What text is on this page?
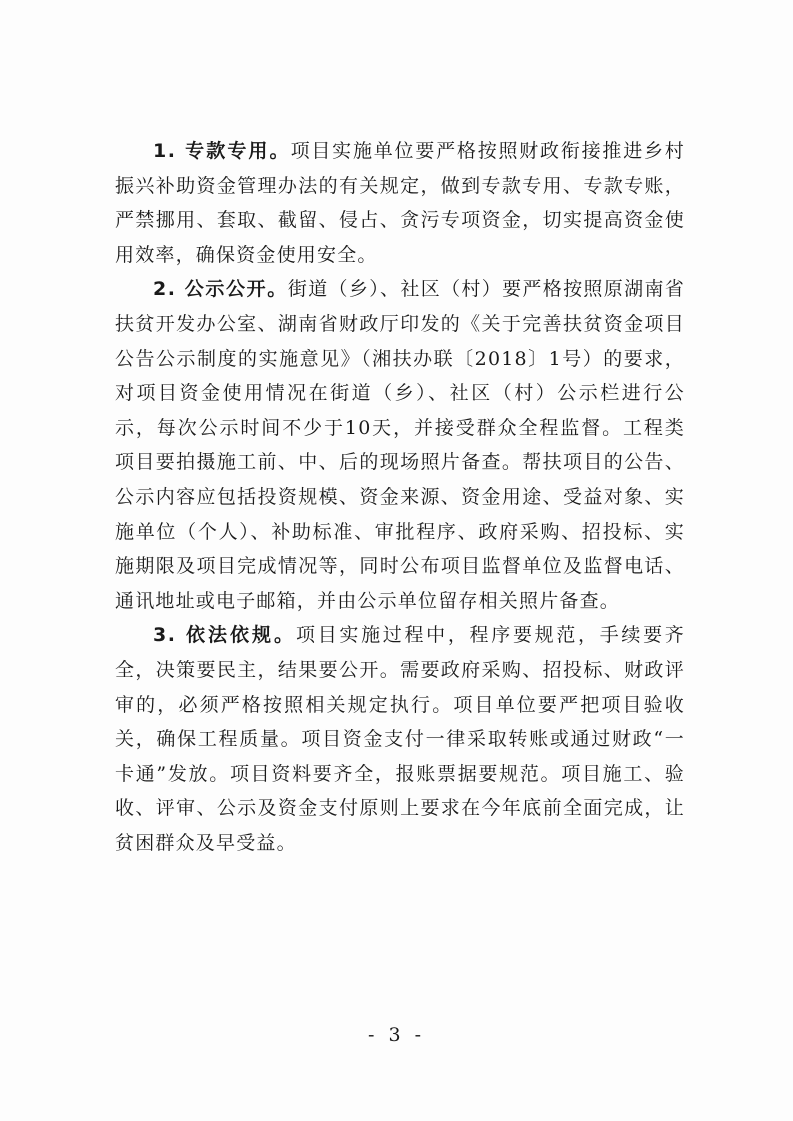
1. 专款专用。项目实施单位要严格按照财政衔接推进乡村振兴补助资金管理办法的有关规定，做到专款专用、专款专账，严禁挪用、套取、截留、侵占、贪污专项资金，切实提高资金使用效率，确保资金使用安全。

2. 公示公开。街道（乡）、社区（村）要严格按照原湖南省扶贫开发办公室、湖南省财政厅印发的《关于完善扶贫资金项目公告公示制度的实施意见》（湘扶办联〔2018〕1号）的要求，对项目资金使用情况在街道（乡）、社区（村）公示栏进行公示，每次公示时间不少于10天，并接受群众全程监督。工程类项目要拍摄施工前、中、后的现场照片备查。帮扶项目的公告、公示内容应包括投资规模、资金来源、资金用途、受益对象、实施单位（个人）、补助标准、审批程序、政府采购、招投标、实施期限及项目完成情况等，同时公布项目监督单位及监督电话、通讯地址或电子邮箱，并由公示单位留存相关照片备查。

3. 依法依规。项目实施过程中，程序要规范，手续要齐全，决策要民主，结果要公开。需要政府采购、招投标、财政评审的，必须严格按照相关规定执行。项目单位要严把项目验收关，确保工程质量。项目资金支付一律采取转账或通过财政“一卡通”发放。项目资料要齐全，报账票据要规范。项目施工、验收、评审、公示及资金支付原则上要求在今年底前全面完成，让贫困群众及早受益。

- 3 -
